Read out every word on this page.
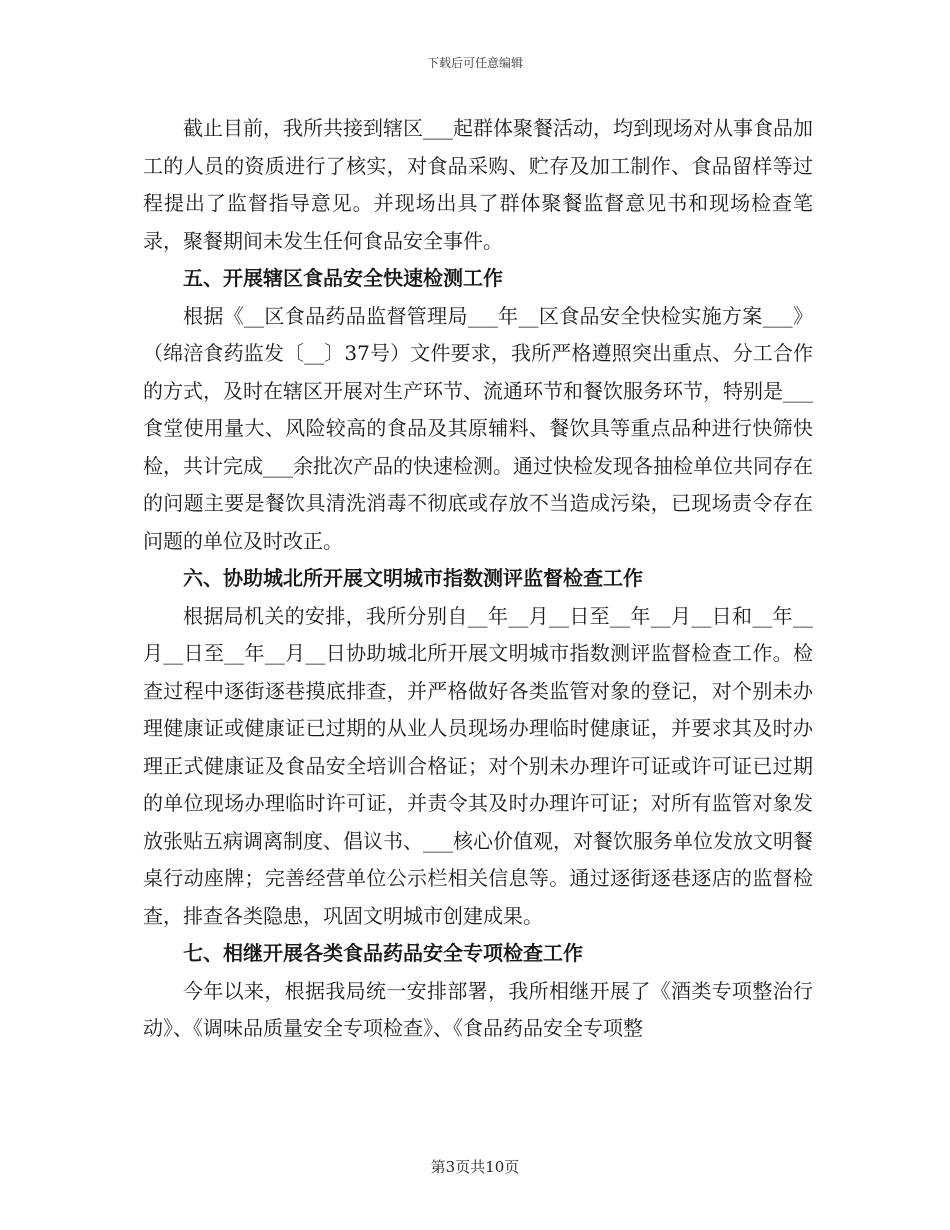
下载后可任意编辑

截止目前，我所共接到辖区___起群体聚餐活动，均到现场对从事食品加工的人员的资质进行了核实，对食品采购、贮存及加工制作、食品留样等过程提出了监督指导意见。并现场出具了群体聚餐监督意见书和现场检查笔录，聚餐期间未发生任何食品安全事件。

五、开展辖区食品安全快速检测工作

根据《__区食品药品监督管理局___年__区食品安全快检实施方案___》（绵涪食药监发〔__〕37号）文件要求，我所严格遵照突出重点、分工合作的方式，及时在辖区开展对生产环节、流通环节和餐饮服务环节，特别是___食堂使用量大、风险较高的食品及其原辅料、餐饮具等重点品种进行快筛快检，共计完成___余批次产品的快速检测。通过快检发现各抽检单位共同存在的问题主要是餐饮具清洗消毒不彻底或存放不当造成污染，已现场责令存在问题的单位及时改正。

六、协助城北所开展文明城市指数测评监督检查工作

根据局机关的安排，我所分别自__年__月__日至__年__月__日和__年__月__日至__年__月__日协助城北所开展文明城市指数测评监督检查工作。检查过程中逐街逐巷摸底排查，并严格做好各类监管对象的登记，对个别未办理健康证或健康证已过期的从业人员现场办理临时健康证，并要求其及时办理正式健康证及食品安全培训合格证；对个别未办理许可证或许可证已过期的单位现场办理临时许可证，并责令其及时办理许可证；对所有监管对象发放张贴五病调离制度、倡议书、___核心价值观，对餐饮服务单位发放文明餐桌行动座牌；完善经营单位公示栏相关信息等。通过逐街逐巷逐店的监督检查，排查各类隐患，巩固文明城市创建成果。

七、相继开展各类食品药品安全专项检查工作

今年以来，根据我局统一安排部署，我所相继开展了《酒类专项整治行动》、《调味品质量安全专项检查》、《食品药品安全专项整

第3页共10页
